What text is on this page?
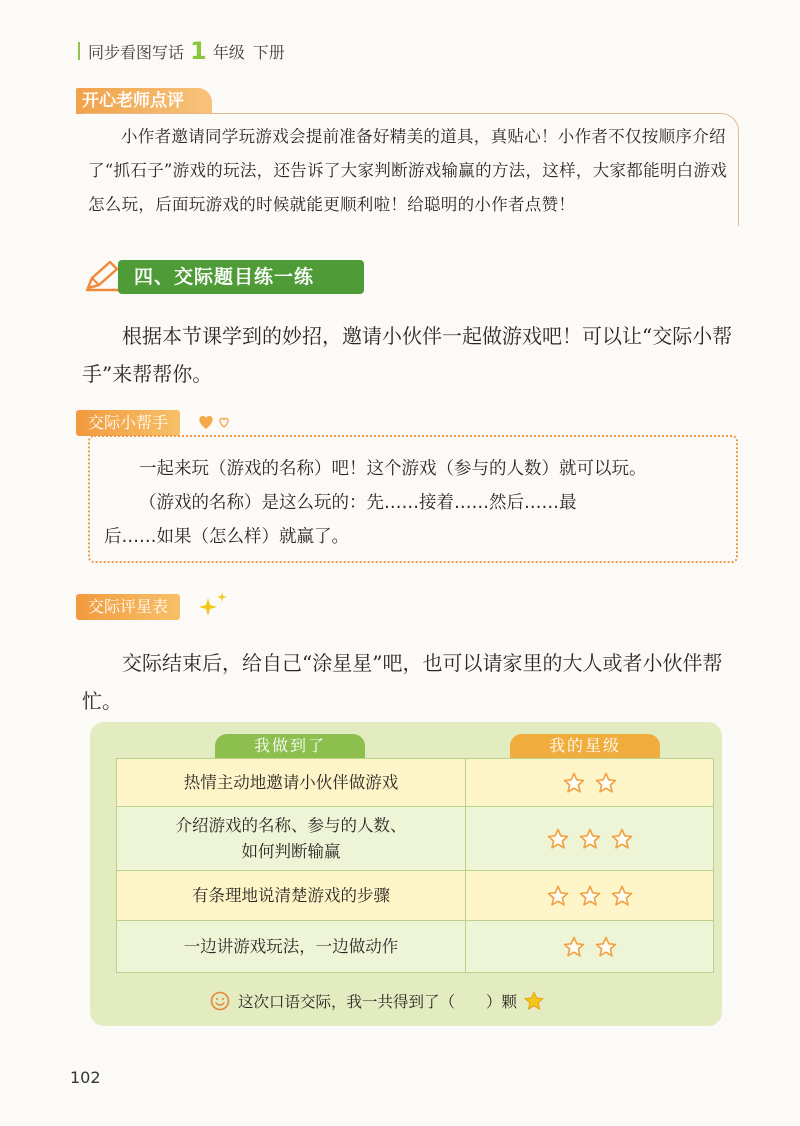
同步看图写话 1 年级 下册
开心老师点评
小作者邀请同学玩游戏会提前准备好精美的道具，真贴心！小作者不仅按顺序介绍了“抓石子”游戏的玩法，还告诉了大家判断游戏输赢的方法，这样，大家都能明白游戏怎么玩，后面玩游戏的时候就能更顺利啦！给聪明的小作者点赞！
四、交际题目练一练
根据本节课学到的妙招，邀请小伙伴一起做游戏吧！可以让“交际小帮手”来帮帮你。
交际小帮手
一起来玩（游戏的名称）吧！这个游戏（参与的人数）就可以玩。
（游戏的名称）是这么玩的：先……接着……然后……最
后……如果（怎么样）就赢了。
交际评星表
交际结束后，给自己“涂星星”吧，也可以请家里的大人或者小伙伴帮忙。
我做到了	我的星级
热情主动地邀请小伙伴做游戏

介绍游戏的名称、参与的人数、
如何判断输赢

有条理地说清楚游戏的步骤

一边讲游戏玩法，一边做动作

这次口语交际，我一共得到了（　　）颗
102
